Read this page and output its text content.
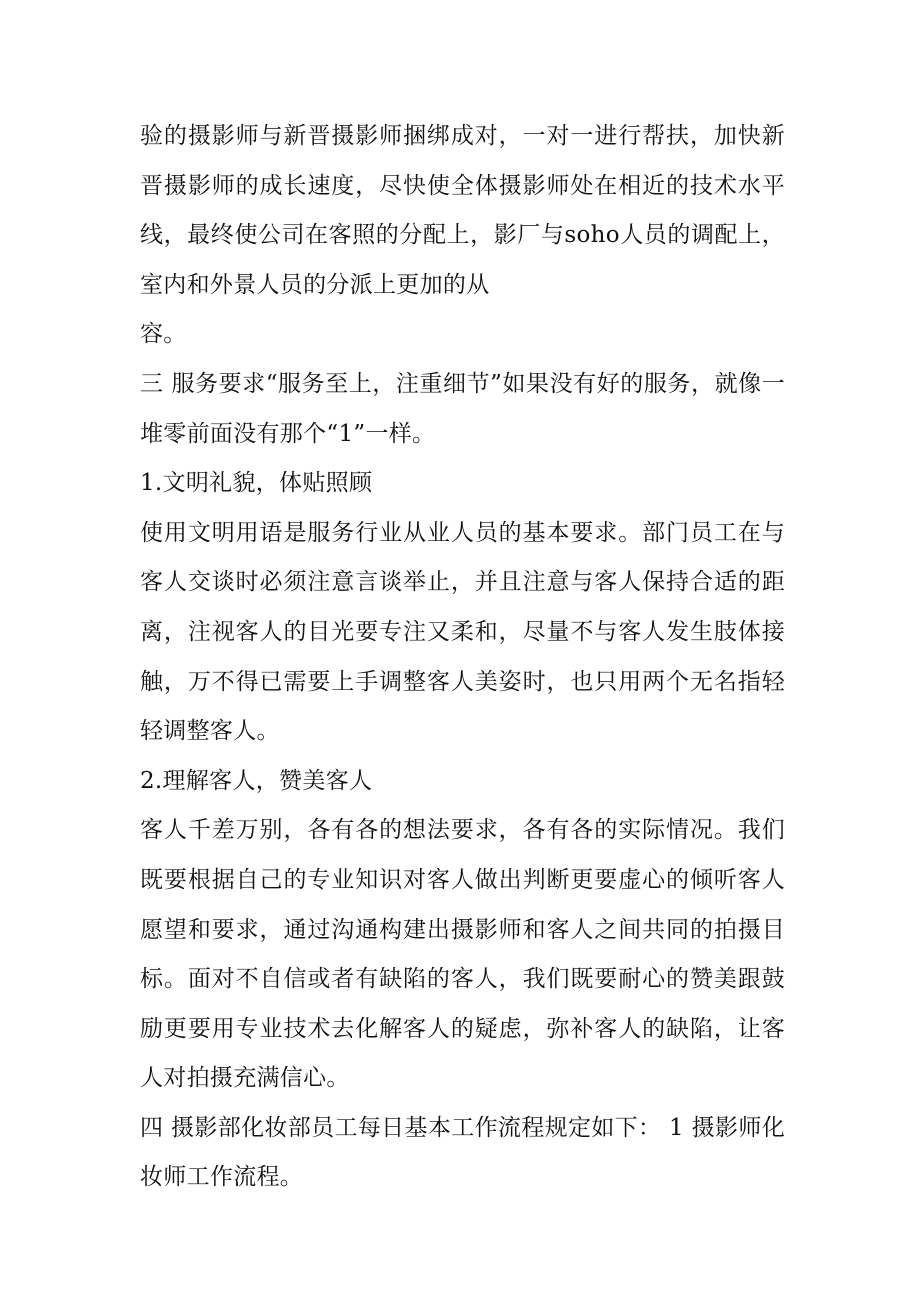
验的摄影师与新晋摄影师捆绑成对，一对一进行帮扶，加快新晋摄影师的成长速度，尽快使全体摄影师处在相近的技术水平线，最终使公司在客照的分配上，影厂与soho人员的调配上，室内和外景人员的分派上更加的从

容。

三 服务要求“服务至上，注重细节”如果没有好的服务，就像一堆零前面没有那个“1”一样。

1.文明礼貌，体贴照顾

使用文明用语是服务行业从业人员的基本要求。部门员工在与客人交谈时必须注意言谈举止，并且注意与客人保持合适的距离，注视客人的目光要专注又柔和，尽量不与客人发生肢体接触，万不得已需要上手调整客人美姿时，也只用两个无名指轻轻调整客人。

2.理解客人，赞美客人

客人千差万别，各有各的想法要求，各有各的实际情况。我们既要根据自己的专业知识对客人做出判断更要虚心的倾听客人愿望和要求，通过沟通构建出摄影师和客人之间共同的拍摄目标。面对不自信或者有缺陷的客人，我们既要耐心的赞美跟鼓励更要用专业技术去化解客人的疑虑，弥补客人的缺陷，让客人对拍摄充满信心。

四 摄影部化妆部员工每日基本工作流程规定如下： 1 摄影师化妆师工作流程。
